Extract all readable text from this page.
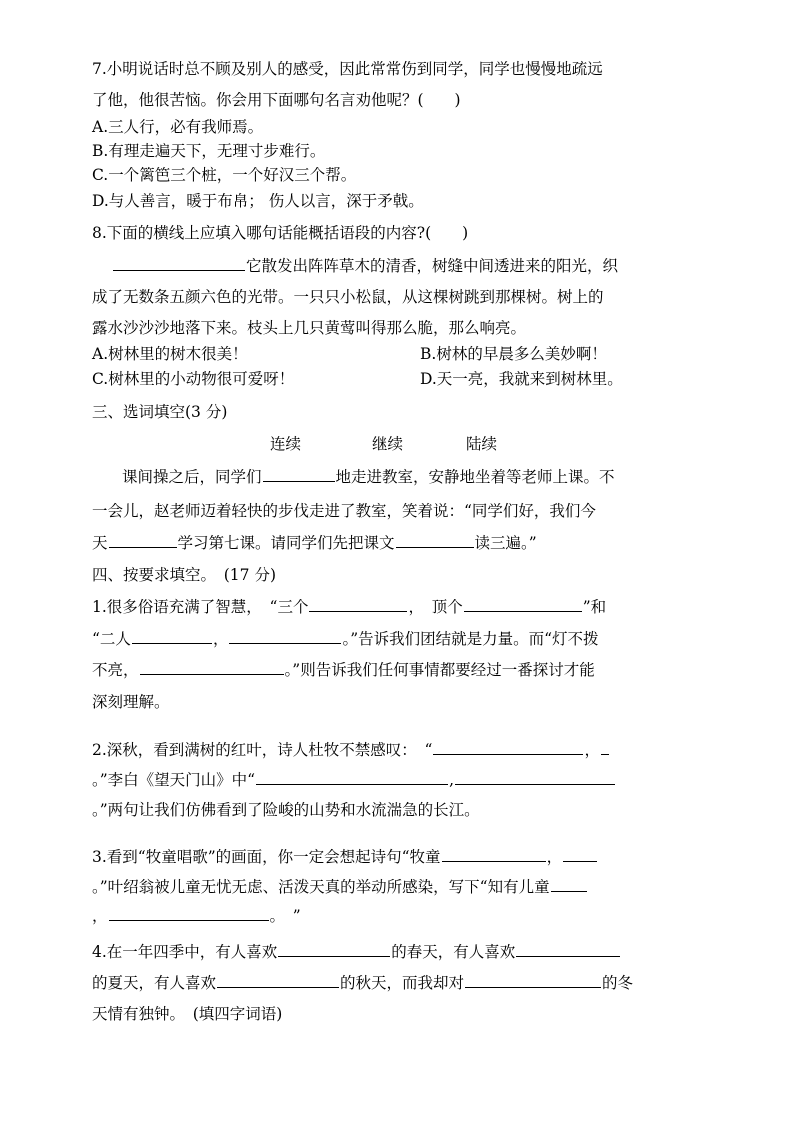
7.小明说话时总不顾及别人的感受，因此常常伤到同学，同学也慢慢地疏远
了他，他很苦恼。你会用下面哪句名言劝他呢？(　　)
A.三人行，必有我师焉。
B.有理走遍天下，无理寸步难行。
C.一个篱笆三个桩，一个好汉三个帮。
D.与人善言，暖于布帛； 伤人以言，深于矛戟。
8.下面的横线上应填入哪句话能概括语段的内容?(　　)
它散发出阵阵草木的清香，树缝中间透进来的阳光，织
成了无数条五颜六色的光带。一只只小松鼠，从这棵树跳到那棵树。树上的
露水沙沙沙地落下来。枝头上几只黄莺叫得那么脆，那么响亮。
A.树林里的树木很美！	B.树林的早晨多么美妙啊！
C.树林里的小动物很可爱呀！	D.天一亮，我就来到树林里。
三、选词填空(3 分)
连续	继续	陆续
课间操之后，同学们	地走进教室，安静地坐着等老师上课。不
一会儿，赵老师迈着轻快的步伐走进了教室，笑着说：“同学们好，我们今
天	学习第七课。请同学们先把课文	读三遍。”
四、按要求填空。　(17 分)
1.很多俗语充满了智慧，　“三个	，　顶个	”和
“二人	，	。”告诉我们团结就是力量。而“灯不拨
不亮，	。”则告诉我们任何事情都要经过一番探讨才能
深刻理解。
2.深秋，看到满树的红叶，诗人杜牧不禁感叹：　“	，
。”李白《望天门山》中“	,
。”两句让我们仿佛看到了险峻的山势和水流湍急的长江。
3.看到“牧童唱歌”的画面，你一定会想起诗句“牧童	，
。”叶绍翁被儿童无忧无虑、活泼天真的举动所感染，写下“知有儿童
，	。　”
4.在一年四季中，有人喜欢	的春天，有人喜欢
的夏天，有人喜欢	的秋天，而我却对	的冬
天情有独钟。　(填四字词语)
